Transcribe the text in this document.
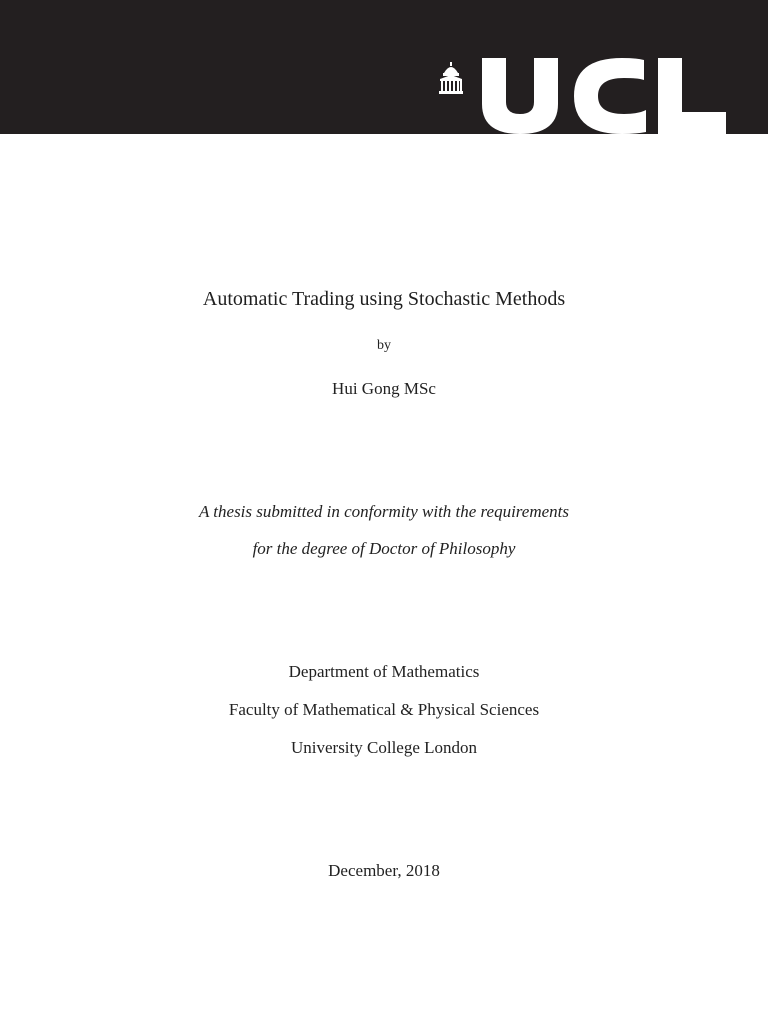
Automatic Trading using Stochastic Methods
by
Hui Gong MSc
A thesis submitted in conformity with the requirements
for the degree of Doctor of Philosophy
Department of Mathematics
Faculty of Mathematical & Physical Sciences
University College London
December, 2018
